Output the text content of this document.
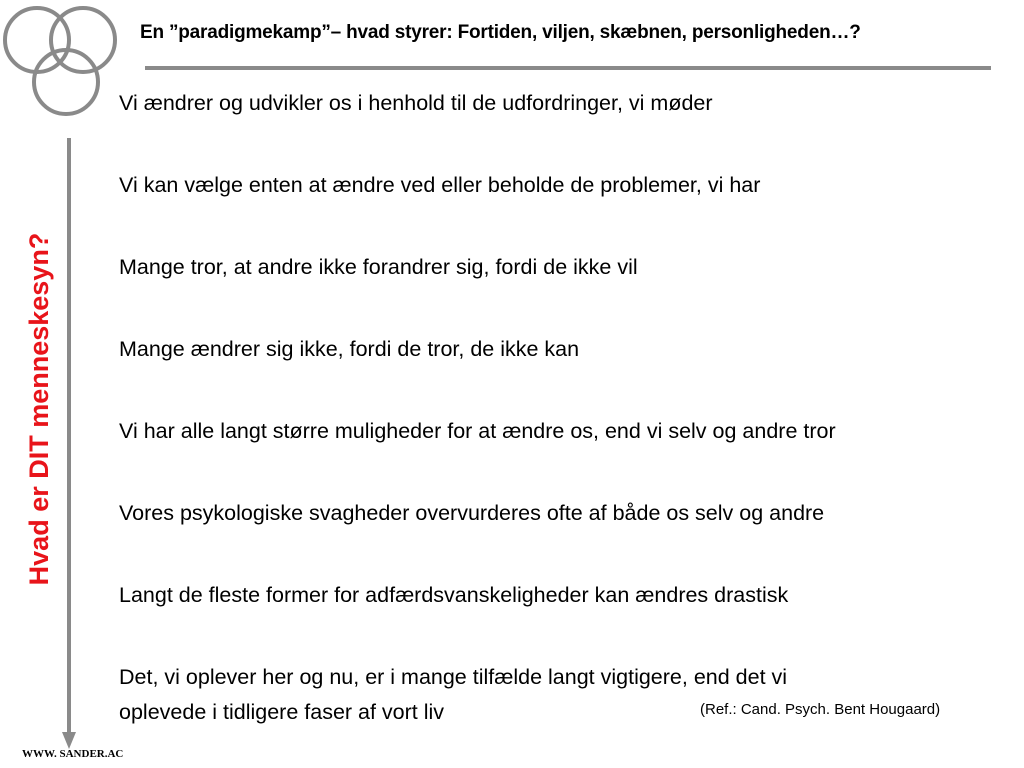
En ”paradigmekamp”– hvad styrer: Fortiden, viljen, skæbnen, personligheden…?
Hvad er DIT menneskesyn?
Vi ændrer og udvikler os i henhold til de udfordringer, vi møder
Vi kan vælge enten at ændre ved eller beholde de problemer, vi har
Mange tror, at andre ikke forandrer sig, fordi de ikke vil
Mange ændrer sig ikke, fordi de tror, de ikke kan
Vi har alle langt større muligheder for at ændre os, end vi selv og andre tror
Vores psykologiske svagheder overvurderes ofte af både os selv og andre
Langt de fleste former for adfærdsvanskeligheder kan ændres drastisk
Det, vi oplever her og nu, er i mange tilfælde langt vigtigere, end det vi
oplevede i tidligere faser af vort liv	(Ref.: Cand. Psych. Bent Hougaard)
WWW. SANDER.AC
